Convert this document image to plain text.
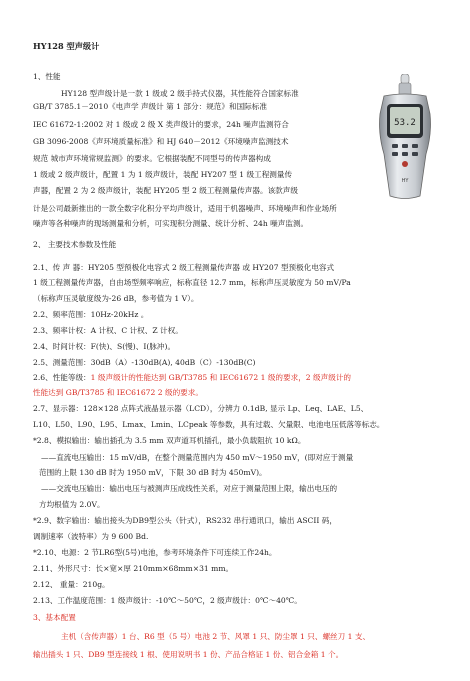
HY128 型声级计
1、性能
HY128 型声级计是一款 1 级或 2 级手持式仪器，其性能符合国家标准
GB/T 3785.1－2010《电声学 声级计 第 1 部分：规范》和国际标准
IEC 61672-1:2002 对 1 级或 2 级 X 类声级计的要求，24h 噪声监测符合
GB 3096-2008《声环境质量标准》和 HJ 640－2012《环境噪声监测技术
规范 城市声环境常规监测》的要求。它根据装配不同型号的传声器构成
1 级或 2 级声级计，配置 1 为 1 级声级计，装配 HY207 型 1 级工程测量传
声器，配置 2 为 2 级声级计，装配 HY205 型 2 级工程测量传声器。该款声级
计是公司最新推出的一款全数字化积分平均声级计，适用于机器噪声、环境噪声和作业场所
噪声等各种噪声的现场测量和分析，可实现积分测量、统计分析、24h 噪声监测。
53.2
HY
2、 主要技术参数及性能
2.1、传 声 器：HY205 型预极化电容式 2 级工程测量传声器 或 HY207 型预极化电容式
1 级工程测量传声器，自由场型频率响应，标称直径 12.7 mm，标称声压灵敏度为 50 mV/Pa
（标称声压灵敏度级为-26 dB，参考值为 1 V）。
2.2、频率范围：10Hz-20kHz 。
2.3、频率计权：A 计权、C 计权、Z 计权。
2.4、时间计权：F(快)、S(慢)、I(脉冲)。
2.5、测量范围：30dB（A）-130dB(A), 40dB（C）-130dB(C)
2.6、性能等级：1 级声级计的性能达到 GB/T3785 和 IEC61672 1 级的要求，2 级声级计的
性能达到 GB/T3785 和 IEC61672 2 级的要求。
2.7、显示器：128×128 点阵式液晶显示器（LCD），分辨力 0.1dB, 显示 Lp、Leq、LAE、L5、
L10、L50、L90、L95、Lmax、Lmin、LCpeak 等参数，具有过载、欠量限、电池电压低落等标志。
*2.8、模拟输出：输出插孔为 3.5 mm 双声道耳机插孔，最小负载阻抗 10 kΩ。
——直流电压输出：15 mV/dB，在整个测量范围内为 450 mV～1950 mV，(即对应于测量
范围的上限 130 dB 时为 1950 mV，下限 30 dB 时为 450mV)。
——交流电压输出：输出电压与被测声压成线性关系，对应于测量范围上限，输出电压的
方均根值为 2.0V。
*2.9、数字输出：输出接头为DB9型公头（针式），RS232 串行通讯口，输出 ASCII 码，
调制速率（波特率）为 9 600 Bd.
*2.10、电源：2 节LR6型(5号)电池，参考环境条件下可连续工作24h。
2.11、外形尺寸：长×宽×厚 210mm×68mm×31 mm。
2.12、 重量：210g。
2.13、工作温度范围：1 级声级计：-10℃～50℃，2 级声级计：0℃～40℃。
3、基本配置
主机（含传声器）1 台、R6 型（5 号）电池 2 节、风罩 1 只、防尘罩 1 只、螺丝刀 1 支、
输出插头 1 只、DB9 型连接线 1 根、使用说明书 1 份、产品合格证 1 份、铝合金箱 1 个。
